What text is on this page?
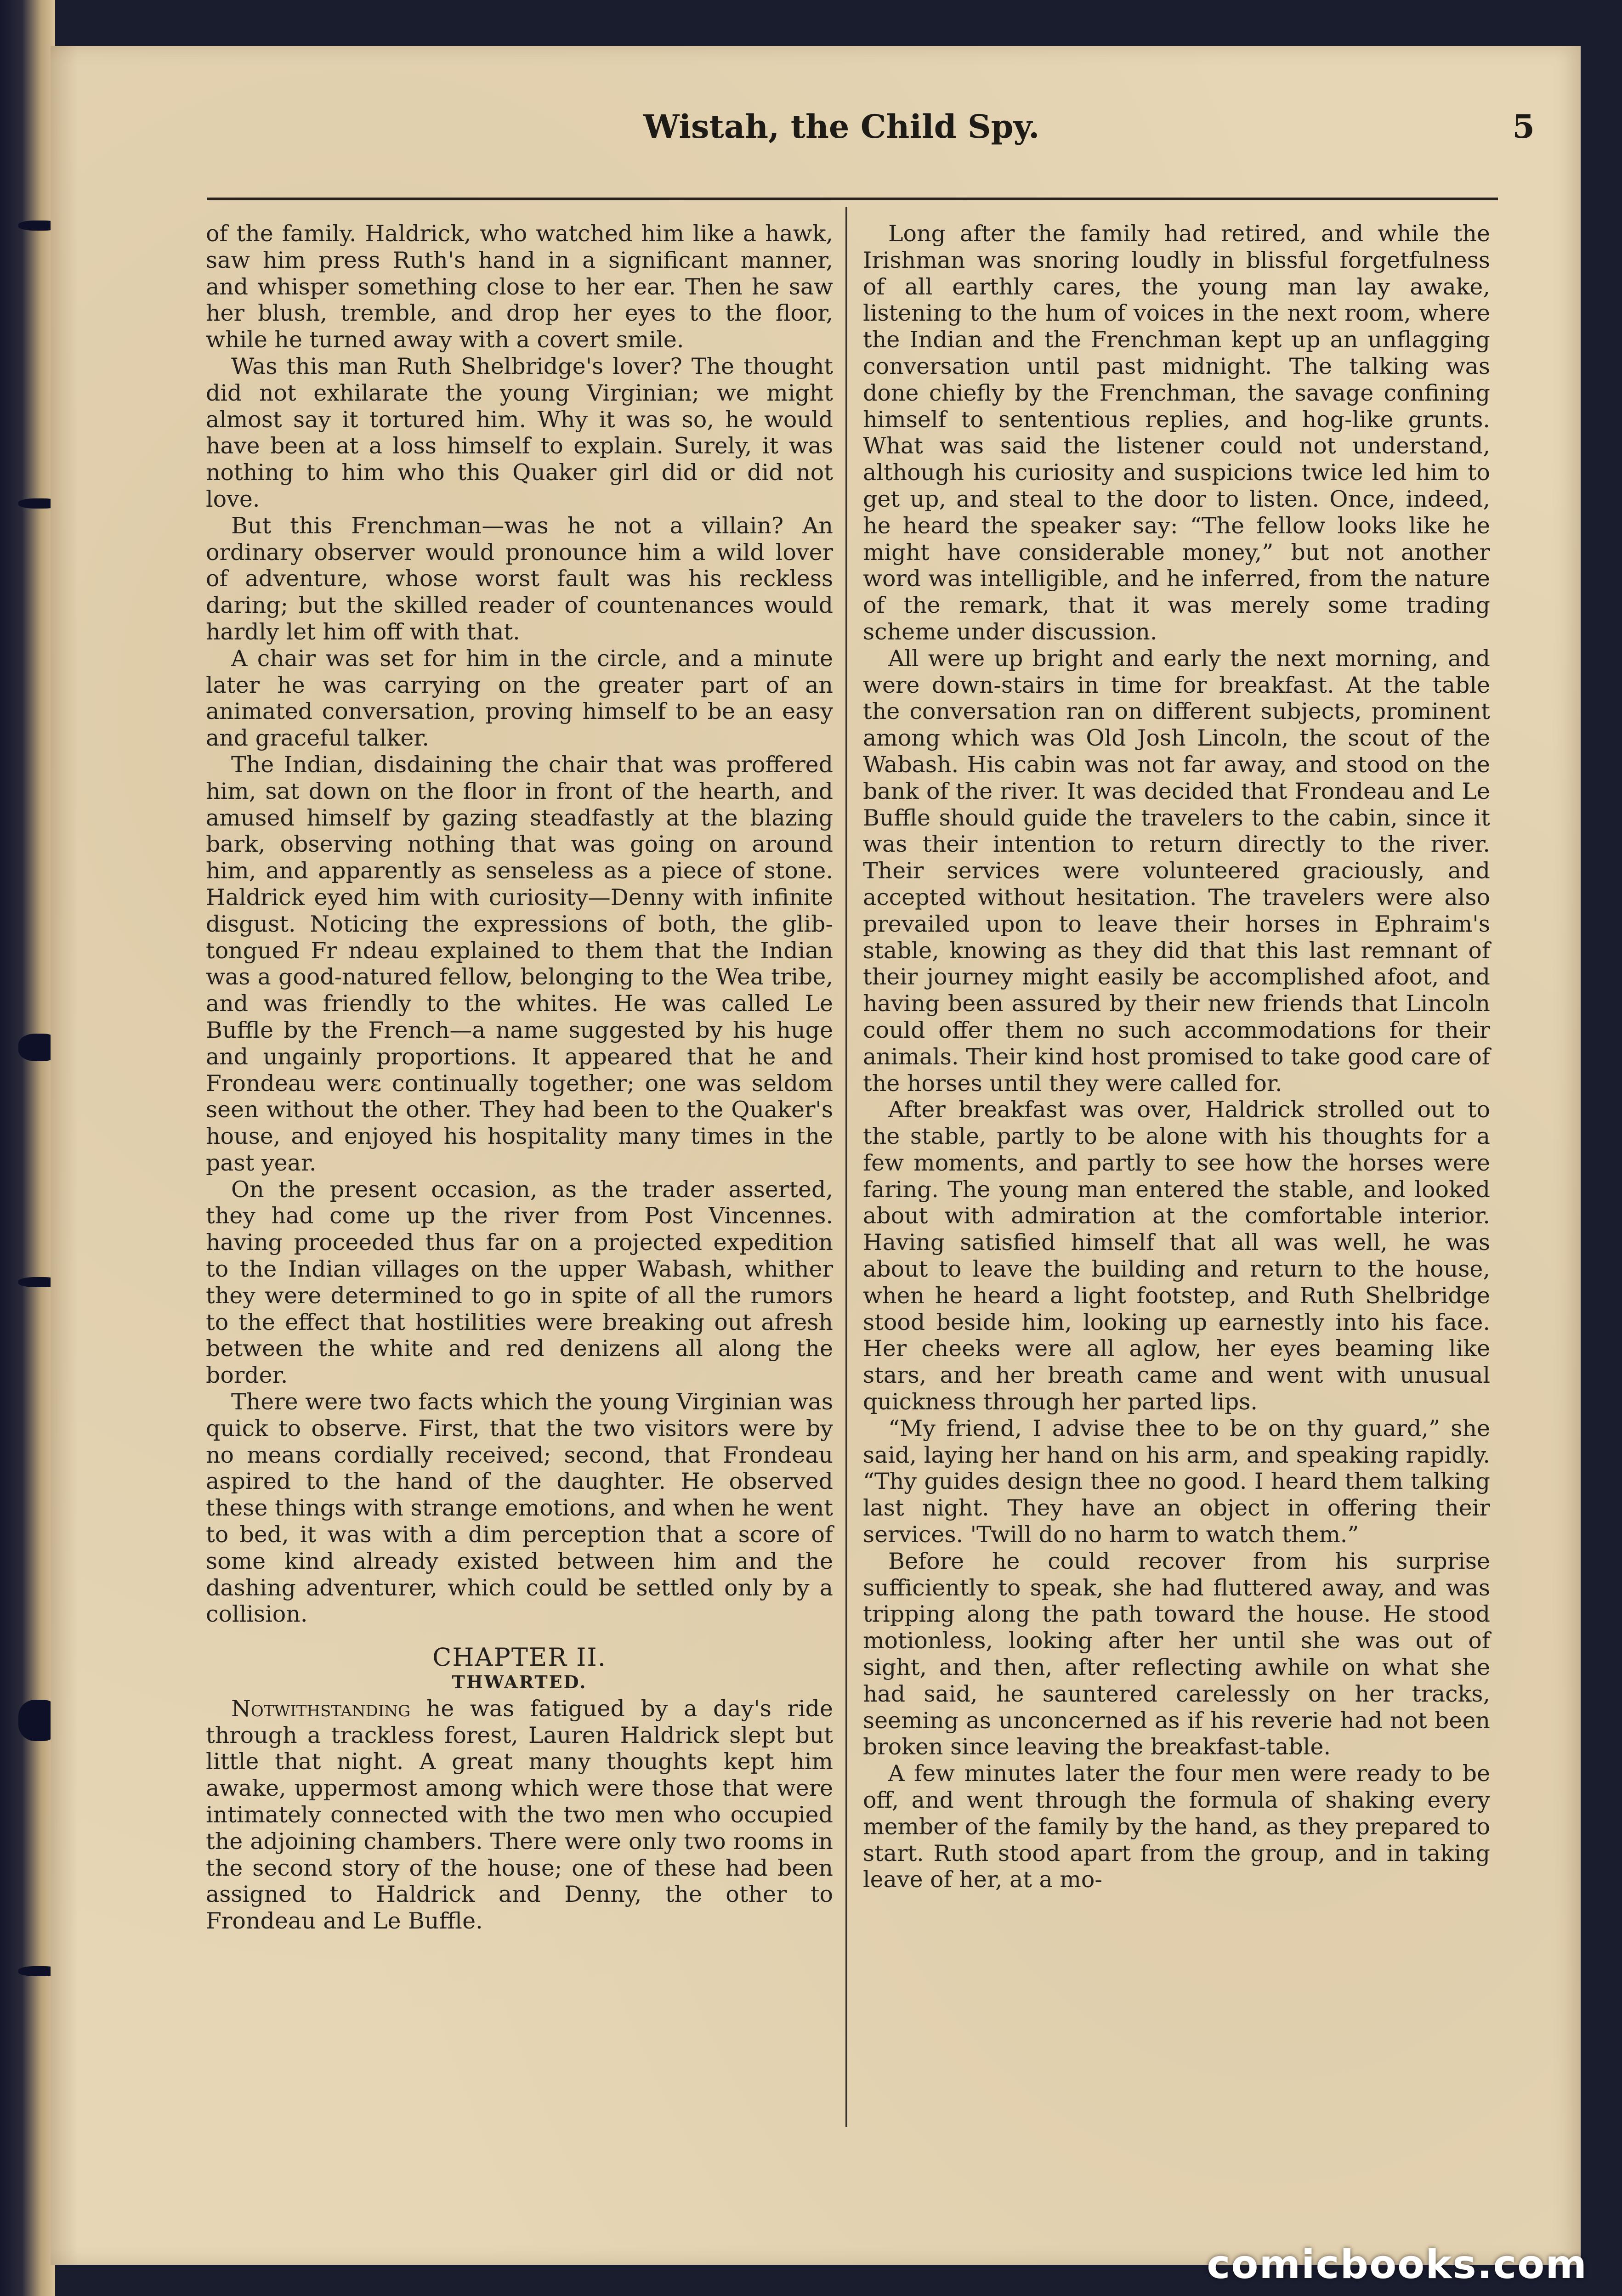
Wistah, the Child Spy.	5

of the family. Haldrick, who watched him like a hawk, saw him press Ruth's hand in a significant manner, and whisper something close to her ear. Then he saw her blush, tremble, and drop her eyes to the floor, while he turned away with a covert smile.

Was this man Ruth Shelbridge's lover? The thought did not exhilarate the young Virginian; we might almost say it tortured him. Why it was so, he would have been at a loss himself to explain. Surely, it was nothing to him who this Quaker girl did or did not love.

But this Frenchman—was he not a villain? An ordinary observer would pronounce him a wild lover of adventure, whose worst fault was his reckless daring; but the skilled reader of countenances would hardly let him off with that.

A chair was set for him in the circle, and a minute later he was carrying on the greater part of an animated conversation, proving himself to be an easy and graceful talker.

The Indian, disdaining the chair that was proffered him, sat down on the floor in front of the hearth, and amused himself by gazing steadfastly at the blazing bark, observing nothing that was going on around him, and apparently as senseless as a piece of stone. Haldrick eyed him with curiosity—Denny with infinite disgust. Noticing the expressions of both, the glib-tongued Fr ndeau explained to them that the Indian was a good-natured fellow, belonging to the Wea tribe, and was friendly to the whites. He was called Le Buffle by the French—a name suggested by his huge and ungainly proportions. It appeared that he and Frondeau werε continually together; one was seldom seen without the other. They had been to the Quaker's house, and enjoyed his hospitality many times in the past year.

On the present occasion, as the trader asserted, they had come up the river from Post Vincennes. having proceeded thus far on a projected expedition to the Indian villages on the upper Wabash, whither they were determined to go in spite of all the rumors to the effect that hostilities were breaking out afresh between the white and red denizens all along the border.

There were two facts which the young Virginian was quick to observe. First, that the two visitors were by no means cordially received; second, that Frondeau aspired to the hand of the daughter. He observed these things with strange emotions, and when he went to bed, it was with a dim perception that a score of some kind already existed between him and the dashing adventurer, which could be settled only by a collision.

CHAPTER II.
THWARTED.

Notwithstanding he was fatigued by a day's ride through a trackless forest, Lauren Haldrick slept but little that night. A great many thoughts kept him awake, uppermost among which were those that were intimately connected with the two men who occupied the adjoining chambers. There were only two rooms in the second story of the house; one of these had been assigned to Haldrick and Denny, the other to Frondeau and Le Buffle.

Long after the family had retired, and while the Irishman was snoring loudly in blissful forgetfulness of all earthly cares, the young man lay awake, listening to the hum of voices in the next room, where the Indian and the Frenchman kept up an unflagging conversation until past midnight. The talking was done chiefly by the Frenchman, the savage confining himself to sententious replies, and hog-like grunts. What was said the listener could not understand, although his curiosity and suspicions twice led him to get up, and steal to the door to listen. Once, indeed, he heard the speaker say: “The fellow looks like he might have considerable money,” but not another word was intelligible, and he inferred, from the nature of the remark, that it was merely some trading scheme under discussion.

All were up bright and early the next morning, and were down-stairs in time for breakfast. At the table the conversation ran on different subjects, prominent among which was Old Josh Lincoln, the scout of the Wabash. His cabin was not far away, and stood on the bank of the river. It was decided that Frondeau and Le Buffle should guide the travelers to the cabin, since it was their intention to return directly to the river. Their services were volunteered graciously, and accepted without hesitation. The travelers were also prevailed upon to leave their horses in Ephraim's stable, knowing as they did that this last remnant of their journey might easily be accomplished afoot, and having been assured by their new friends that Lincoln could offer them no such accommodations for their animals. Their kind host promised to take good care of the horses until they were called for.

After breakfast was over, Haldrick strolled out to the stable, partly to be alone with his thoughts for a few moments, and partly to see how the horses were faring. The young man entered the stable, and looked about with admiration at the comfortable interior. Having satisfied himself that all was well, he was about to leave the building and return to the house, when he heard a light footstep, and Ruth Shelbridge stood beside him, looking up earnestly into his face. Her cheeks were all aglow, her eyes beaming like stars, and her breath came and went with unusual quickness through her parted lips.

“My friend, I advise thee to be on thy guard,” she said, laying her hand on his arm, and speaking rapidly. “Thy guides design thee no good. I heard them talking last night. They have an object in offering their services. 'Twill do no harm to watch them.”

Before he could recover from his surprise sufficiently to speak, she had fluttered away, and was tripping along the path toward the house. He stood motionless, looking after her until she was out of sight, and then, after reflecting awhile on what she had said, he sauntered carelessly on her tracks, seeming as unconcerned as if his reverie had not been broken since leaving the breakfast-table.

A few minutes later the four men were ready to be off, and went through the formula of shaking every member of the family by the hand, as they prepared to start. Ruth stood apart from the group, and in taking leave of her, at a mo-

comicbooks.com
